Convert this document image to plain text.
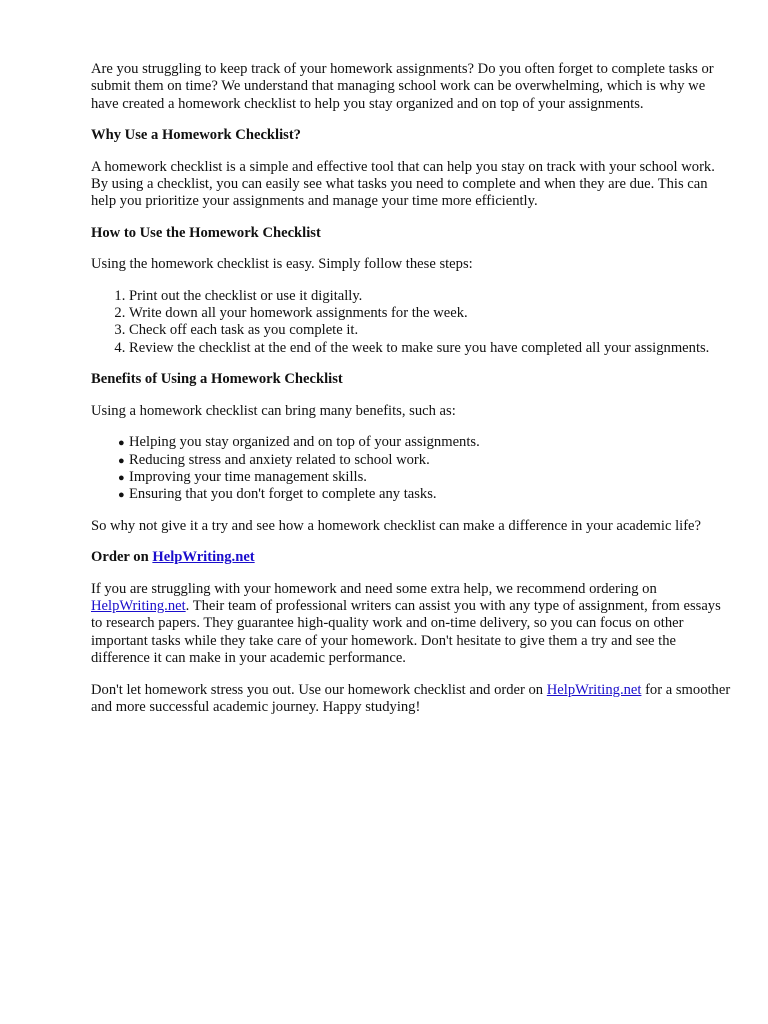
Are you struggling to keep track of your homework assignments? Do you often forget to complete tasks or submit them on time? We understand that managing school work can be overwhelming, which is why we have created a homework checklist to help you stay organized and on top of your assignments.

Why Use a Homework Checklist?

A homework checklist is a simple and effective tool that can help you stay on track with your school work. By using a checklist, you can easily see what tasks you need to complete and when they are due. This can help you prioritize your assignments and manage your time more efficiently.

How to Use the Homework Checklist

Using the homework checklist is easy. Simply follow these steps:

1. Print out the checklist or use it digitally.
2. Write down all your homework assignments for the week.
3. Check off each task as you complete it.
4. Review the checklist at the end of the week to make sure you have completed all your assignments.
Benefits of Using a Homework Checklist

Using a homework checklist can bring many benefits, such as:

● Helping you stay organized and on top of your assignments.
● Reducing stress and anxiety related to school work.
● Improving your time management skills.
● Ensuring that you don't forget to complete any tasks.

So why not give it a try and see how a homework checklist can make a difference in your academic life?

Order on HelpWriting.net

If you are struggling with your homework and need some extra help, we recommend ordering on HelpWriting.net. Their team of professional writers can assist you with any type of assignment, from essays to research papers. They guarantee high-quality work and on-time delivery, so you can focus on other important tasks while they take care of your homework. Don't hesitate to give them a try and see the difference it can make in your academic performance.

Don't let homework stress you out. Use our homework checklist and order on HelpWriting.net for a smoother and more successful academic journey. Happy studying!
